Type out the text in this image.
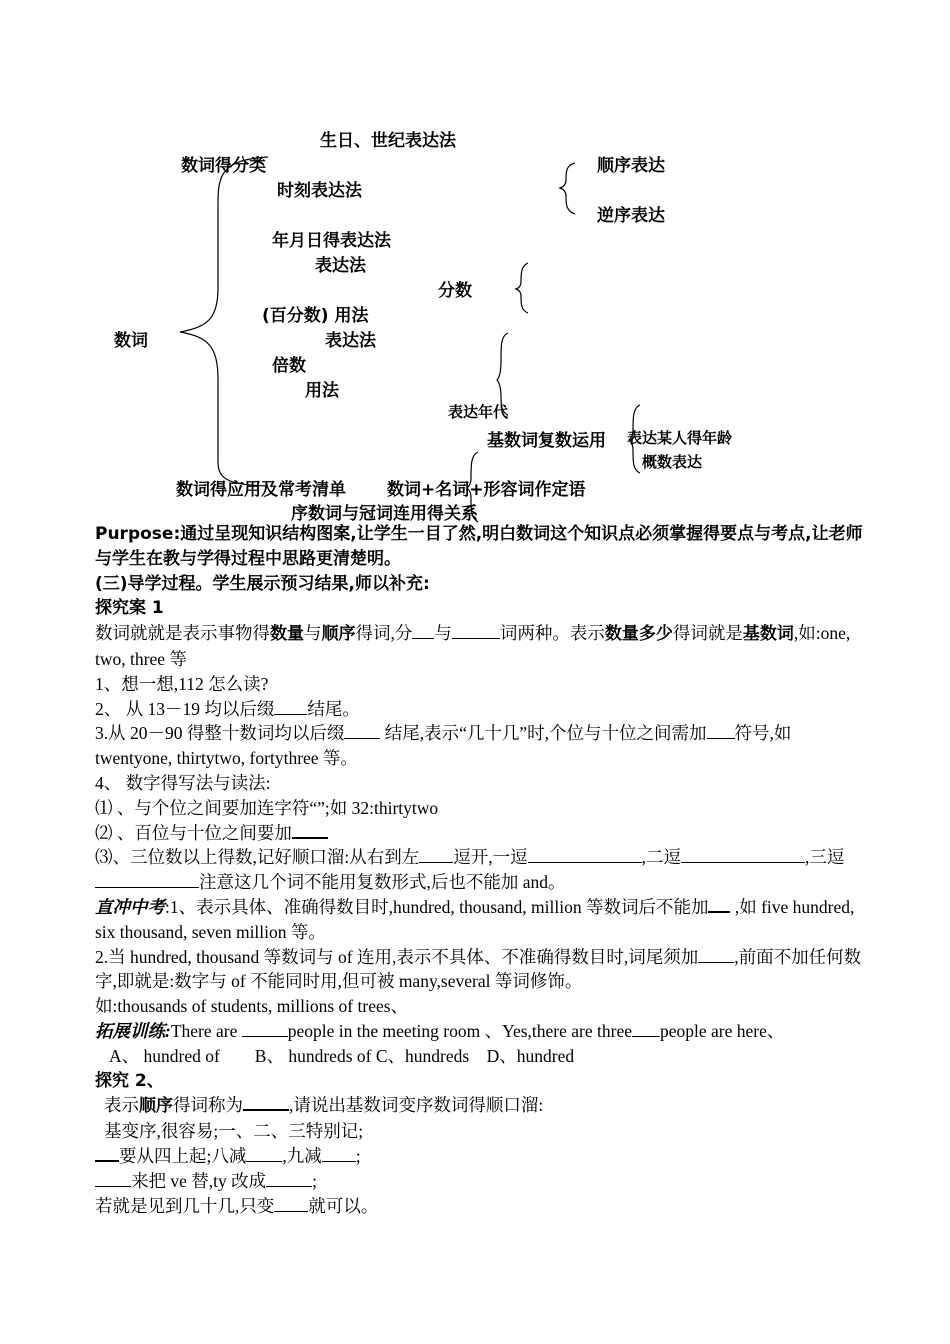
生日、世纪表达法
数词得分类	顺序表达
时刻表达法
逆序表达
年月日得表达法
表达法
分数
(百分数) 用法
数词	表达法
倍数
用法
表达年代
基数词复数运用 表达某人得年龄
概数表达
数词得应用及常考清单 数词+名词+形容词作定语
序数词与冠词连用得关系

Purpose:通过呈现知识结构图案,让学生一目了然,明白数词这个知识点必须掌握得要点与考点,让老师与学生在教与学得过程中思路更清楚明。

(三)导学过程。学生展示预习结果,师以补充:

探究案 1

数词就就是表示事物得数量与顺序得词,分 与	词两种。表示数量多少得词就是基数词,如:one, two, three 等

1、想一想,112 怎么读?

2、 从 13－19 均以后缀 结尾。

3.从 20－90 得整十数词均以后缀 结尾,表示“几十几”时,个位与十位之间需加 符号,如 twentyone, thirtytwo, fortythree 等。

4、 数字得写法与读法:

⑴ 、与个位之间要加连字符“”;如 32:thirtytwo

⑵ 、百位与十位之间要加

⑶、三位数以上得数,记好顺口溜:从右到左 逗开,一逗	,二逗	,三逗注意这几个词不能用复数形式,后也不能加 and。

直冲中考:1、表示具体、准确得数目时,hundred, thousand, million 等数词后不能加 ,如 five hundred, six thousand, seven million 等。

2.当 hundred, thousand 等数词与 of 连用,表示不具体、不准确得数目时,词尾须加 ,前面不加任何数字,即就是:数字与 of 不能同时用,但可被 many,several 等词修饰。

如:thousands of students, millions of trees、

拓展训练:There are	people in the meeting room 、Yes,there are three people are here、

A、 hundred of　　B、 hundreds of C、hundreds　D、hundred

探究 2、

表示顺序得词称为	,请说出基数词变序数词得顺口溜:

基变序,很容易;一、二、三特别记;

要从四上起;八减 ,九减 ;

来把 ve 替,ty 改成	;

若就是见到几十几,只变 就可以。
